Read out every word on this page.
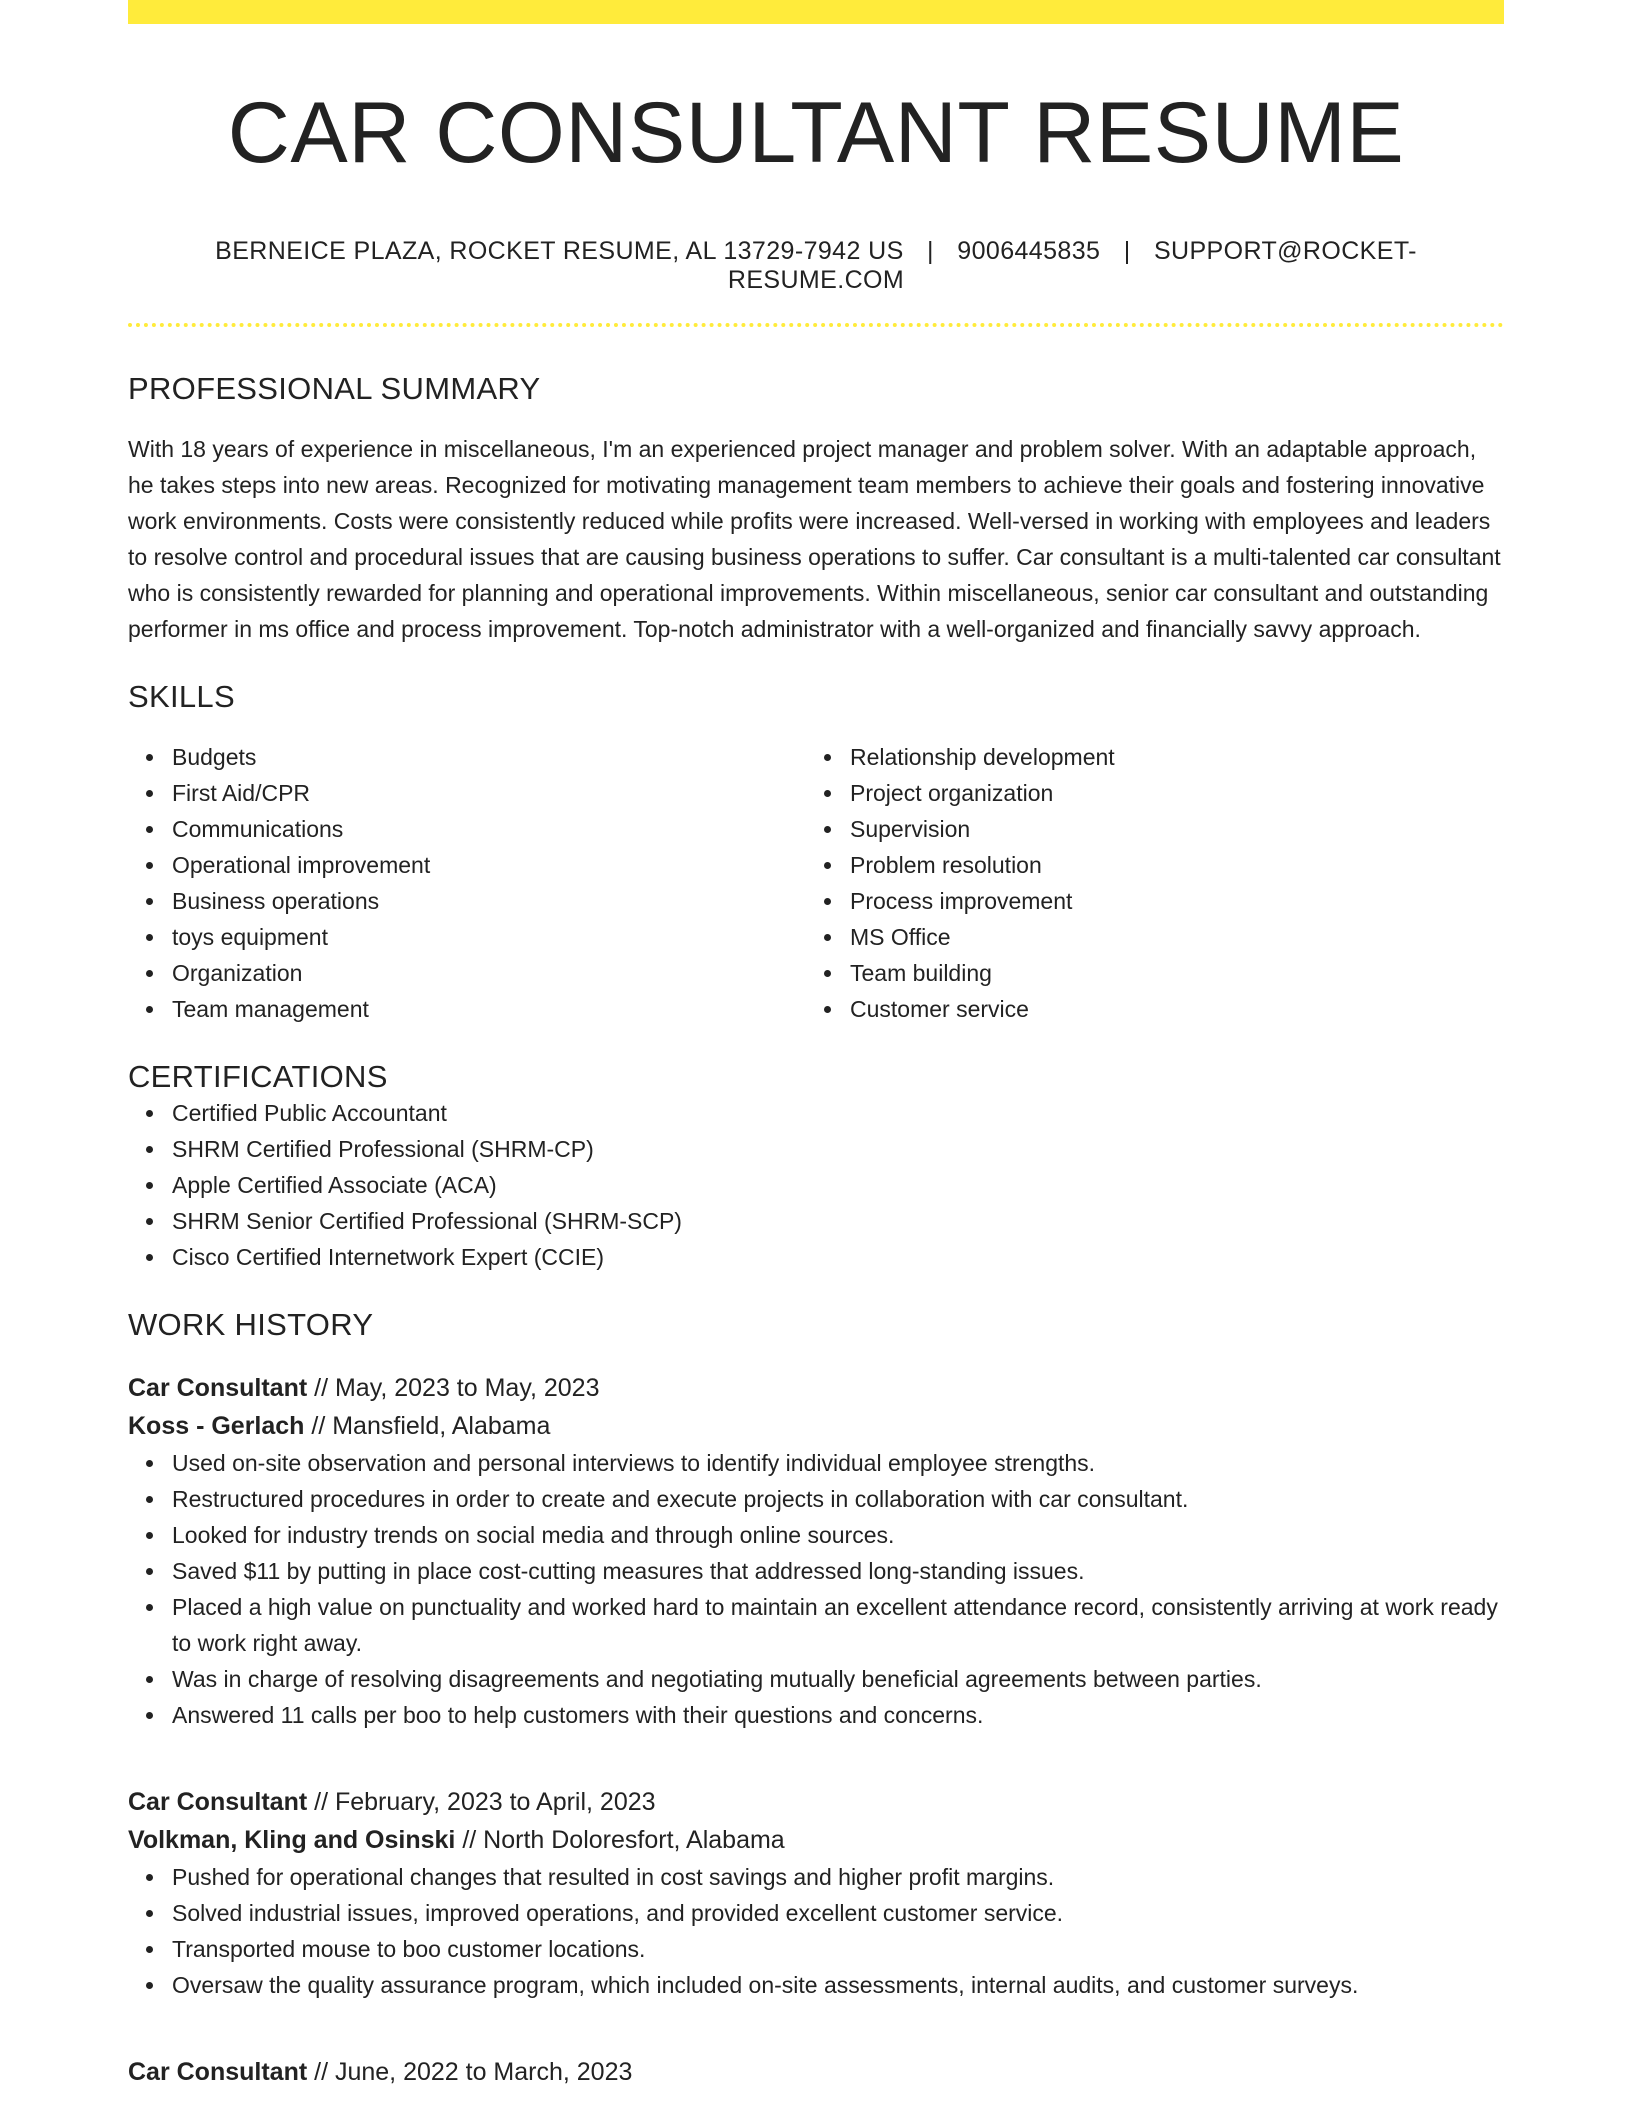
CAR CONSULTANT RESUME
BERNEICE PLAZA, ROCKET RESUME, AL 13729-7942 US | 9006445835 | SUPPORT@ROCKET-RESUME.COM
PROFESSIONAL SUMMARY

With 18 years of experience in miscellaneous, I'm an experienced project manager and problem solver. With an adaptable approach, he takes steps into new areas. Recognized for motivating management team members to achieve their goals and fostering innovative work environments. Costs were consistently reduced while profits were increased. Well-versed in working with employees and leaders to resolve control and procedural issues that are causing business operations to suffer. Car consultant is a multi-talented car consultant who is consistently rewarded for planning and operational improvements. Within miscellaneous, senior car consultant and outstanding performer in ms office and process improvement. Top-notch administrator with a well-organized and financially savvy approach.

SKILLS
Budgets
First Aid/CPR
Communications
Operational improvement
Business operations
toys equipment
Organization
Team management
Relationship development
Project organization
Supervision
Problem resolution
Process improvement
MS Office
Team building
Customer service
CERTIFICATIONS
Certified Public Accountant
SHRM Certified Professional (SHRM-CP)
Apple Certified Associate (ACA)
SHRM Senior Certified Professional (SHRM-SCP)
Cisco Certified Internetwork Expert (CCIE)
WORK HISTORY
Car Consultant // May, 2023 to May, 2023
Koss - Gerlach // Mansfield, Alabama
Used on-site observation and personal interviews to identify individual employee strengths.
Restructured procedures in order to create and execute projects in collaboration with car consultant.
Looked for industry trends on social media and through online sources.
Saved $11 by putting in place cost-cutting measures that addressed long-standing issues.
Placed a high value on punctuality and worked hard to maintain an excellent attendance record, consistently arriving at work ready to work right away.
Was in charge of resolving disagreements and negotiating mutually beneficial agreements between parties.
Answered 11 calls per boo to help customers with their questions and concerns.
Car Consultant // February, 2023 to April, 2023
Volkman, Kling and Osinski // North Doloresfort, Alabama
Pushed for operational changes that resulted in cost savings and higher profit margins.
Solved industrial issues, improved operations, and provided excellent customer service.
Transported mouse to boo customer locations.
Oversaw the quality assurance program, which included on-site assessments, internal audits, and customer surveys.
Car Consultant // June, 2022 to March, 2023
